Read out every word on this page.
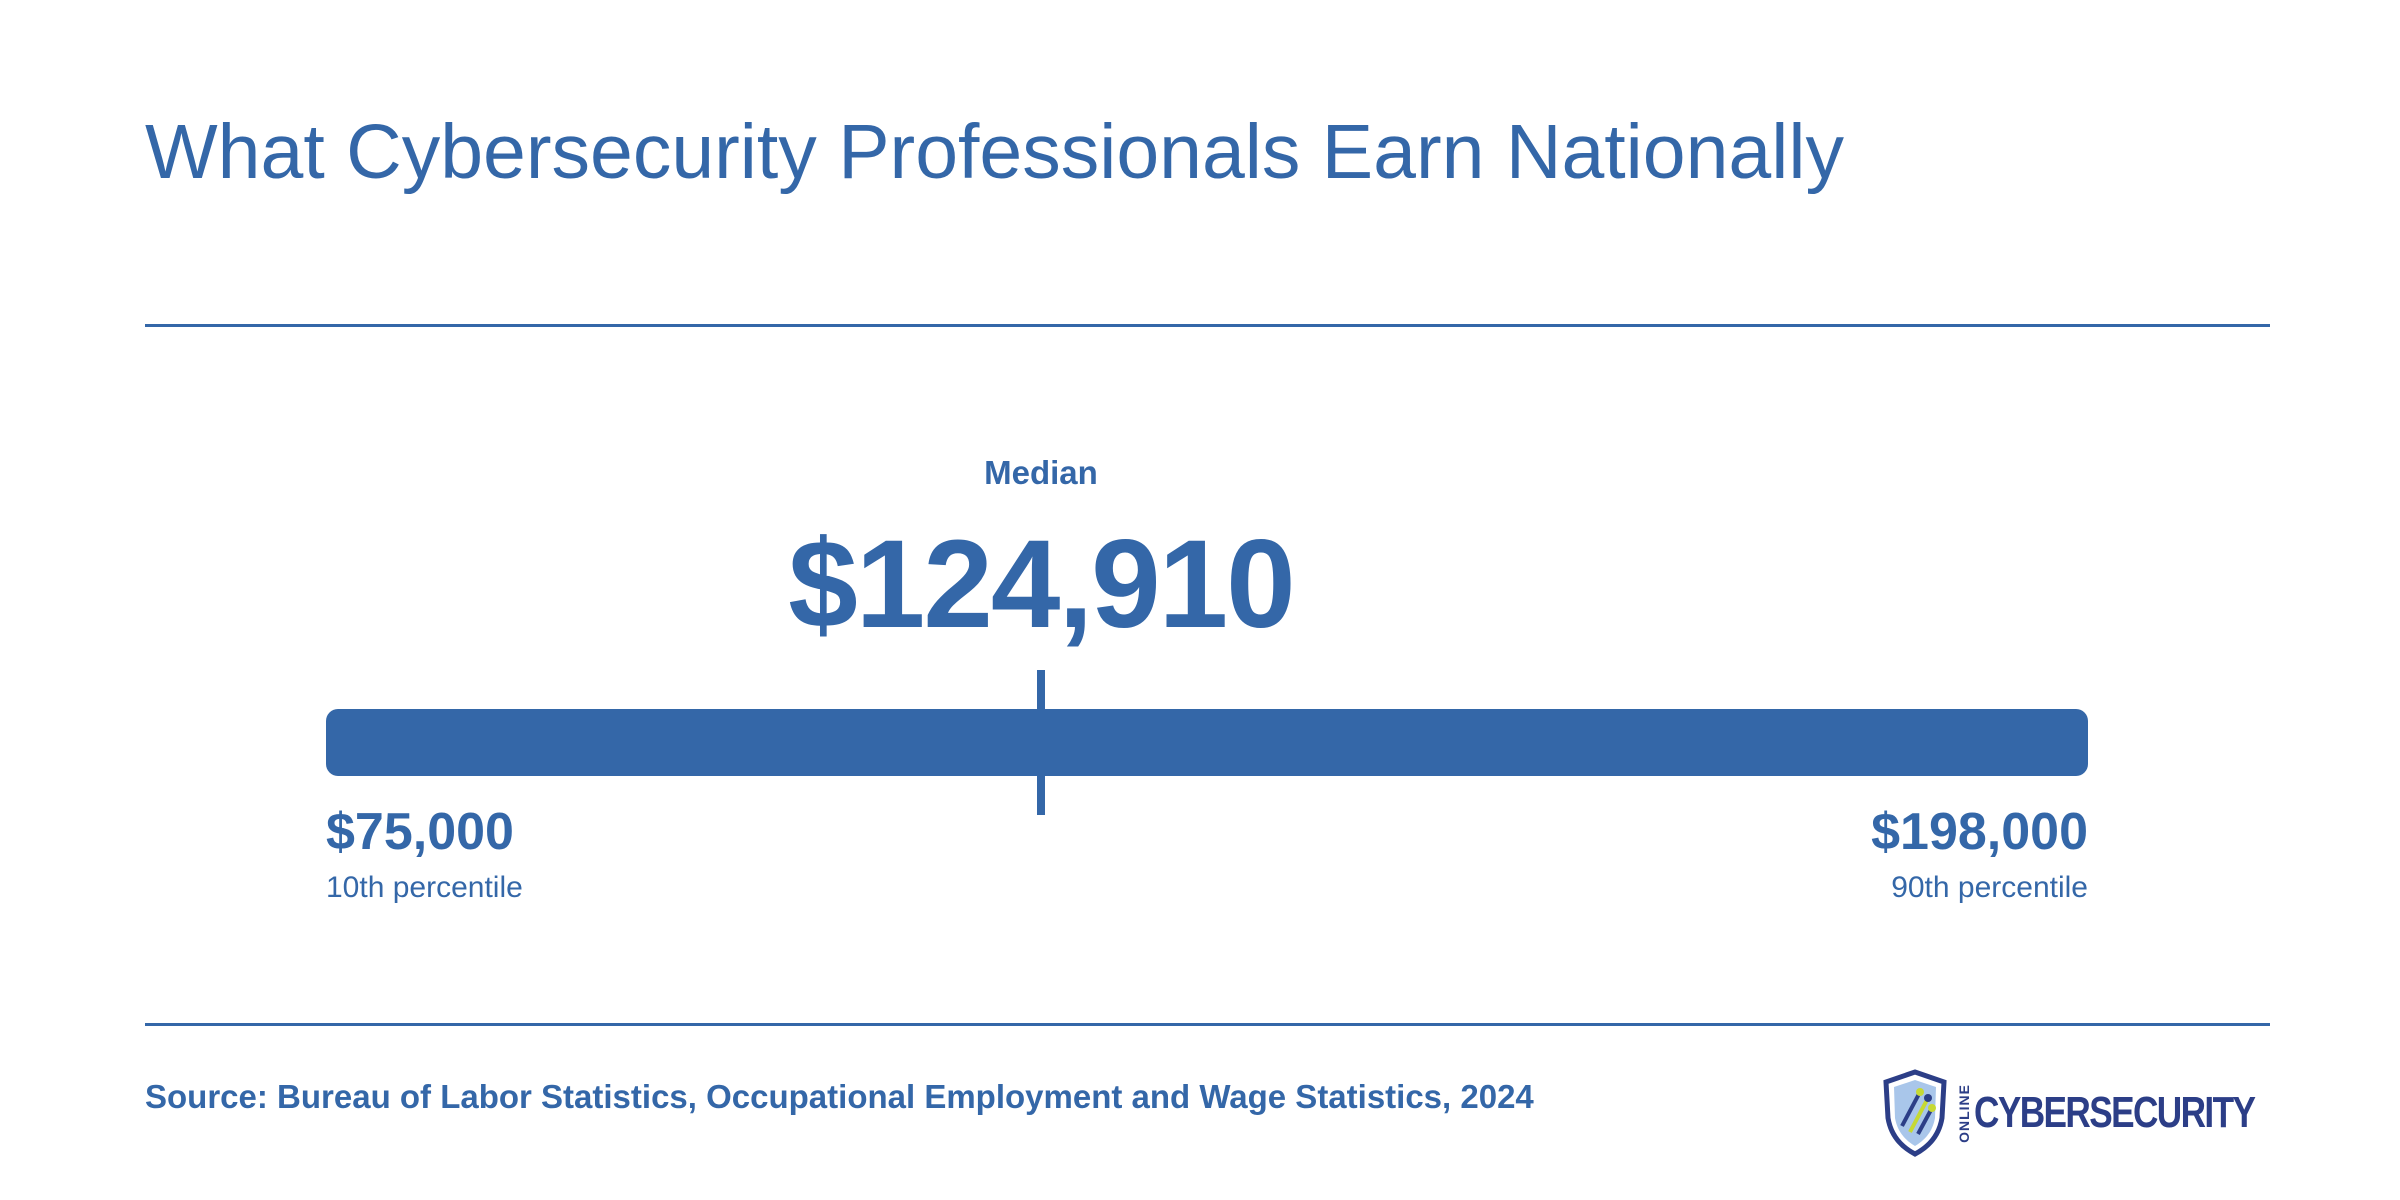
What Cybersecurity Professionals Earn Nationally
Median
$124,910
$75,000
10th percentile
$198,000
90th percentile
Source: Bureau of Labor Statistics, Occupational Employment and Wage Statistics, 2024	ONLINE CYBERSECURITY
